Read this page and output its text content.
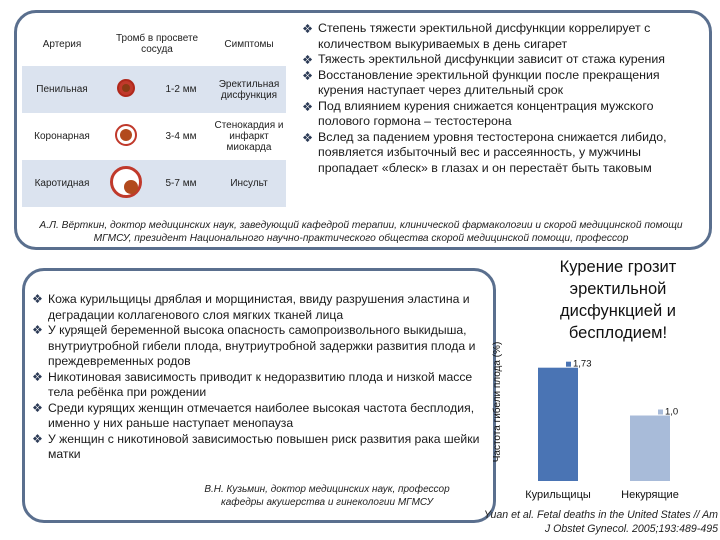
Артерия	Тромб в просвете сосуда		Симптомы
Пенильная		1-2 мм	Эректильная дисфункция
Коронарная		3-4 мм	Стенокардия и инфаркт миокарда
Каротидная		5-7 мм	Инсульт
❖ Степень тяжести эректильной дисфункции коррелирует с количеством выкуриваемых в день сигарет
❖ Тяжесть эректильной дисфункции зависит от стажа курения
❖ Восстановление эректильной функции после прекращения курения наступает через длительный срок
❖ Под влиянием курения снижается концентрация мужского полового гормона – тестостерона
❖ Вслед за падением уровня тестостерона снижается либидо, появляется избыточный вес и рассеянность, у мужчины пропадает «блеск» в глазах и он перестаёт быть таковым
А.Л. Вёрткин, доктор медицинских наук, заведующий кафедрой терапии, клинической фармакологии и скорой медицинской помощи МГМСУ, президент Национального научно-практического общества скорой медицинской помощи, профессор
❖ Кожа курильщицы дряблая и морщинистая, ввиду разрушения эластина и деградации коллагенового слоя мягких тканей лица
❖ У курящей беременной высока опасность самопроизвольного выкидыша, внутриутробной гибели плода, внутриутробной задержки развития плода и преждевременных родов
❖ Никотиновая зависимость приводит к недоразвитию плода и низкой массе тела ребёнка при рождении
❖ Среди курящих женщин отмечается наиболее высокая частота бесплодия, именно у них раньше наступает менопауза
❖ У женщин с никотиновой зависимостью повышен риск развития рака шейки матки
В.Н. Кузьмин, доктор медицинских наук, профессор кафедры акушерства и гинекологии МГМСУ
Курение грозит эректильной дисфункцией и бесплодием!
Частота гибели плода (%)	1,73
Курильщицы
1,0
Некурящие
Yuan et al. Fetal deaths in the United States // Am J Obstet Gynecol. 2005;193:489-495
